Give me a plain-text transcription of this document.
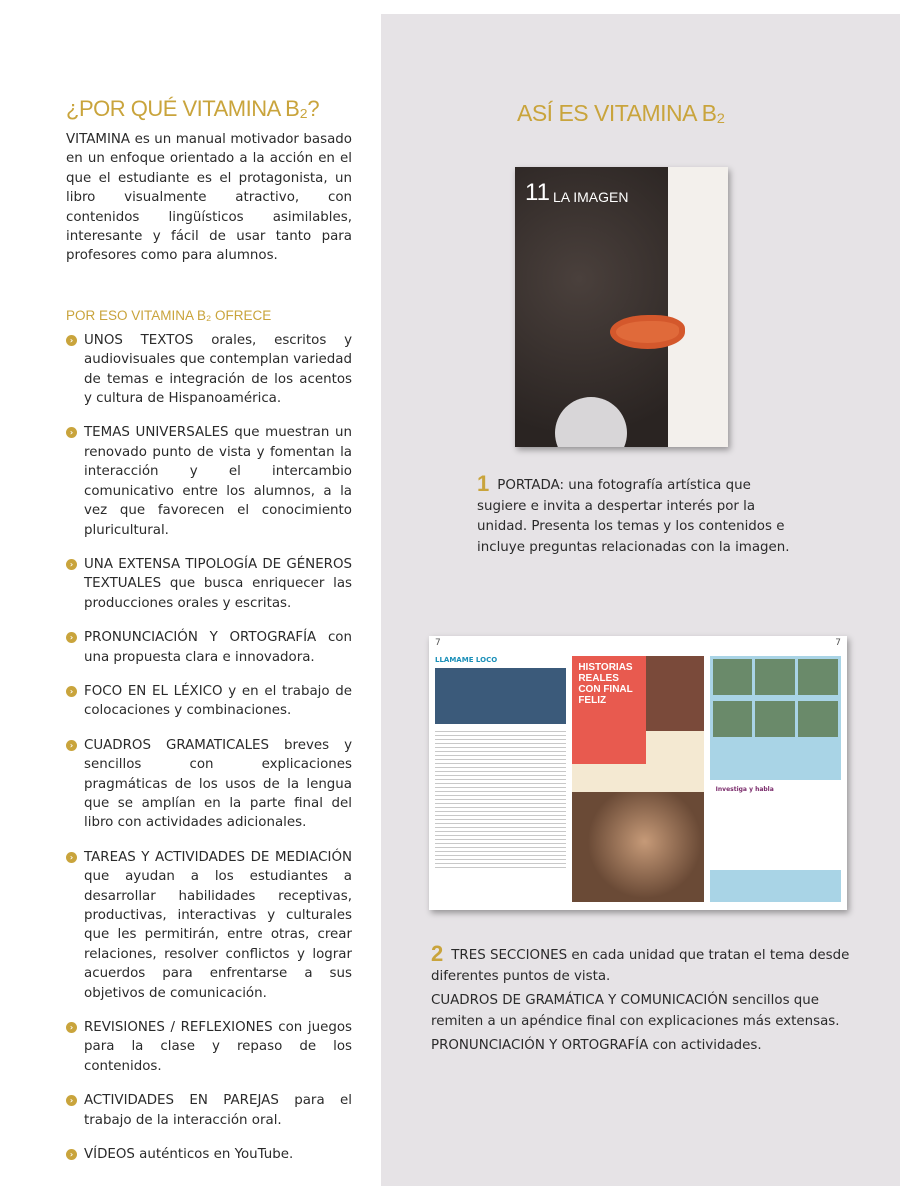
¿POR QUÉ VITAMINA B₂?

VITAMINA es un manual motivador basado en un enfoque orientado a la acción en el que el estudiante es el protagonista, un libro visualmente atractivo, con contenidos lingüísticos asimilables, interesante y fácil de usar tanto para profesores como para alumnos.

POR ESO VITAMINA B₂ OFRECE
› UNOS TEXTOS orales, escritos y audiovisuales que contemplan variedad de temas e integración de los acentos y cultura de Hispanoamérica.
› TEMAS UNIVERSALES que muestran un renovado punto de vista y fomentan la interacción y el intercambio comunicativo entre los alumnos, a la vez que favorecen el conocimiento pluricultural.
› UNA EXTENSA TIPOLOGÍA DE GÉNEROS TEXTUALES que busca enriquecer las producciones orales y escritas.
› PRONUNCIACIÓN Y ORTOGRAFÍA con una propuesta clara e innovadora.
› FOCO EN EL LÉXICO y en el trabajo de colocaciones y combinaciones.
› CUADROS GRAMATICALES breves y sencillos con explicaciones pragmáticas de los usos de la lengua que se amplían en la parte final del libro con actividades adicionales.
› TAREAS Y ACTIVIDADES DE MEDIACIÓN que ayudan a los estudiantes a desarrollar habilidades receptivas, productivas, interactivas y culturales que les permitirán, entre otras, crear relaciones, resolver conflictos y lograr acuerdos para enfrentarse a sus objetivos de comunicación.
› REVISIONES / REFLEXIONES con juegos para la clase y repaso de los contenidos.
› ACTIVIDADES EN PAREJAS para el trabajo de la interacción oral.
› VÍDEOS auténticos en YouTube.
ASÍ ES VITAMINA B₂
11 LA IMAGEN
1 PORTADA: una fotografía artística que sugiere e invita a despertar interés por la unidad. Presenta los temas y los contenidos e incluye preguntas relacionadas con la imagen.
7	7
LLÁMAME LOCO
HISTORIAS REALES CON FINAL FELIZ
Investiga y habla
2 TRES SECCIONES en cada unidad que tratan el tema desde diferentes puntos de vista.
CUADROS DE GRAMÁTICA Y COMUNICACIÓN sencillos que remiten a un apéndice final con explicaciones más extensas.
PRONUNCIACIÓN Y ORTOGRAFÍA con actividades.
